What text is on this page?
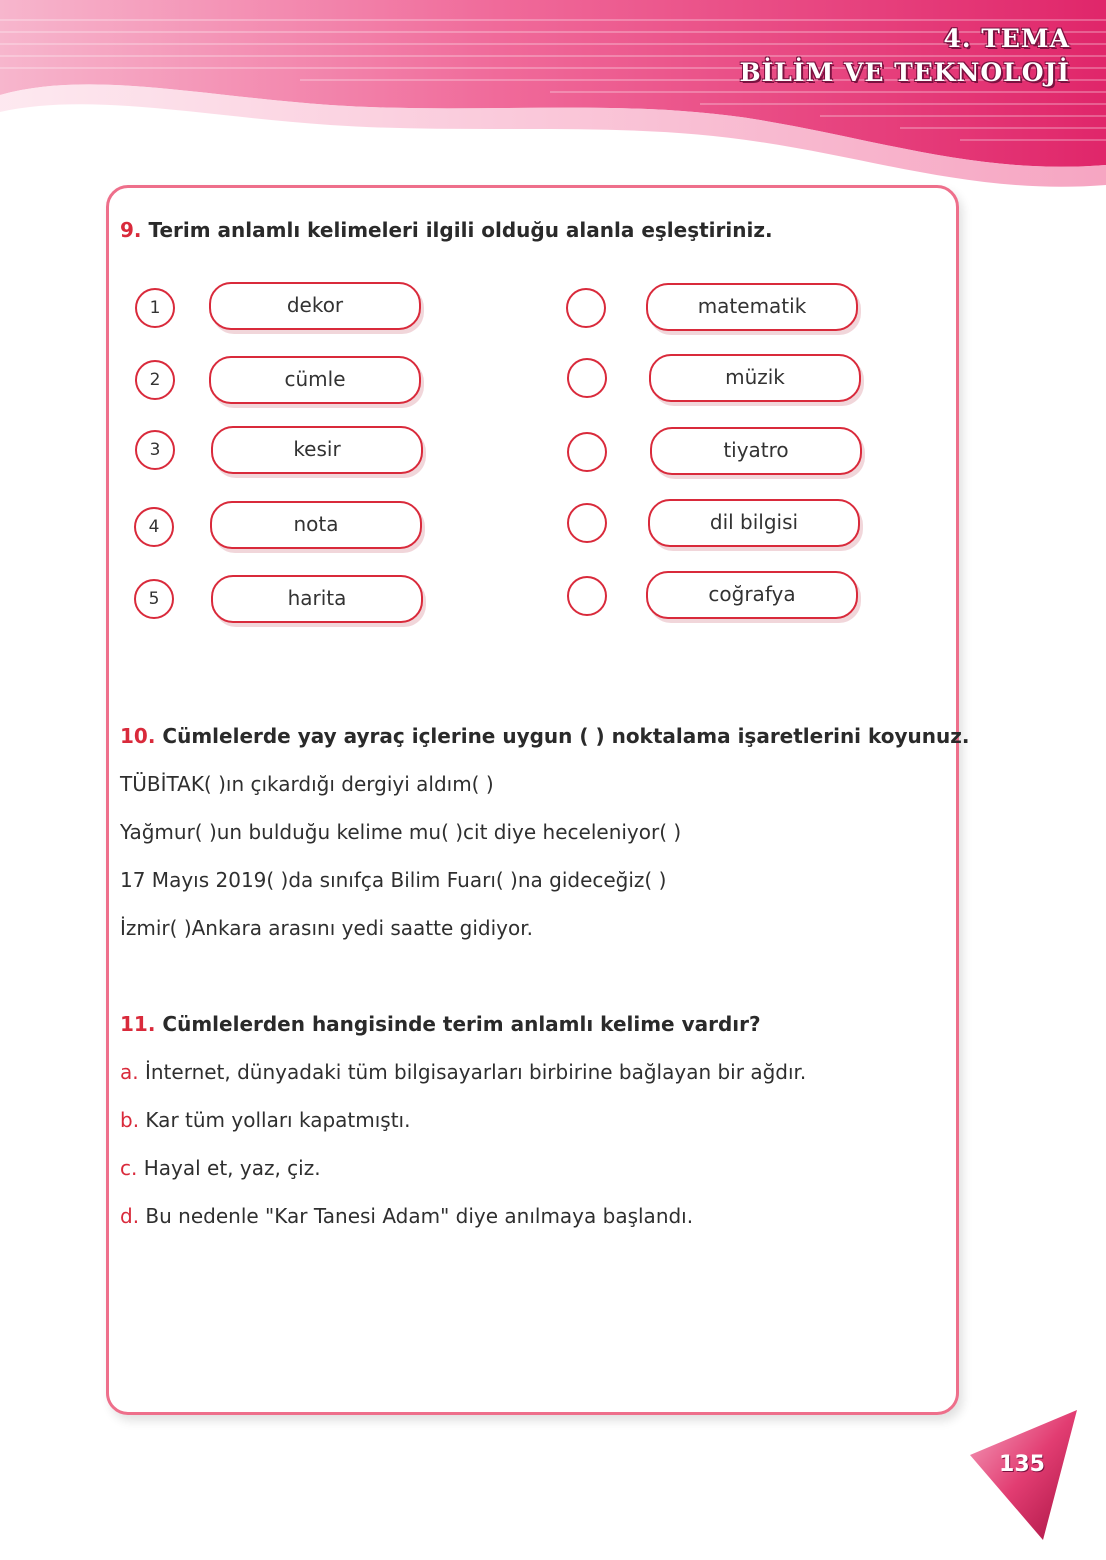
4. TEMA
BİLİM VE TEKNOLOJİ
9. Terim anlamlı kelimeleri ilgili olduğu alanla eşleştiriniz.
1	dekor
2	cümle
3	kesir
4	nota
5	harita
matematik
müzik
tiyatro
dil bilgisi
coğrafya
10. Cümlelerde yay ayraç içlerine uygun ( ) noktalama işaretlerini koyunuz.
TÜBİTAK( )ın çıkardığı dergiyi aldım( )
Yağmur( )un bulduğu kelime mu( )cit diye heceleniyor( )
17 Mayıs 2019( )da sınıfça Bilim Fuarı( )na gideceğiz( )
İzmir( )Ankara arasını yedi saatte gidiyor.
11. Cümlelerden hangisinde terim anlamlı kelime vardır?
a. İnternet, dünyadaki tüm bilgisayarları birbirine bağlayan bir ağdır.
b. Kar tüm yolları kapatmıştı.
c. Hayal et, yaz, çiz.
d. Bu nedenle "Kar Tanesi Adam" diye anılmaya başlandı.
135
